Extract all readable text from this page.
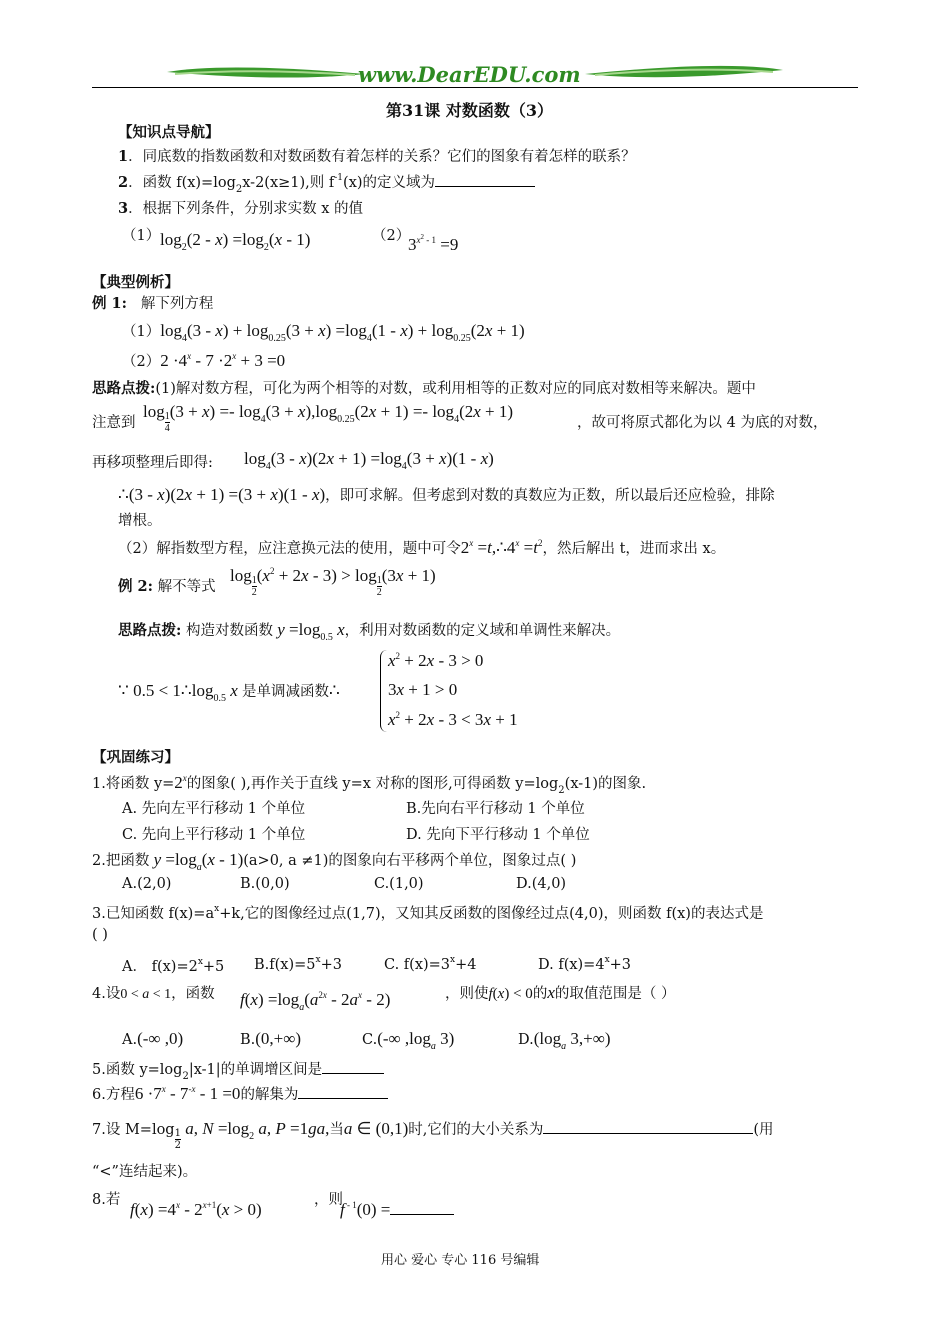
www.DearEDU.com
第31课 对数函数（3）
【知识点导航】
1．同底数的指数函数和对数函数有着怎样的关系？它们的图象有着怎样的联系？
2．函数 $f(x)=\log_2x-2(x\ge 1)$,则 $f^{-1}(x)$的定义域为
3．根据下列条件，分别求实数 x 的值
（1） $\log_2(2 - x) =\log_2(x - 1)$	（2）
$3^{x^2 - 1} =9$
【典型例析】
例 1: 解下列方程
$(1)\log_4(3 - x) + \log_{0.25}(3 + x) =\log_4(1 - x) + \log_{0.25}(2x + 1)$
$(2)2 \cdot 4^x - 7 \cdot 2^x + 3 =0$
思路点拨:(1)解对数方程，可化为两个相等的对数，或利用相等的正数对应的同底对数相等来解决。题中
注意到
$\log \frac{1}{4} (3 + x) =- \log_4(3 + x),\log_{0.25}(2x + 1) =- \log_4(2x + 1)$
，故可将原式都化为以 4 为底的对数，
再移项整理后即得: $\log_4(3 - x)(2x + 1) =\log_4(3 + x)(1 - x)$
∴(3 - x)(2x + 1) =(3 + x)(1 - x)，即可求解。但考虑到对数的真数应为正数，所以最后还应检验，排除
增根。
（2）解指数型方程，应注意换元法的使用，题中可令$2^x$ $=t,\therefore 4^x =t^2$，然后解出 t，进而求出 x。
例 2: 解不等式
$\log \frac{1}{2} (x^2 + 2x - 3) > \log \frac{1}{2} (3x + 1)$
思路点拨: 构造对数函数 $y =\log_{0.5}$ x，利用对数函数的定义域和单调性来解决。
∵ $0.5 < 1\therefore\log_{0.5}$ x 是单调减函数∴
$x^2 + 2x - 3 > 0$
3x + 1 > 0
$x^2 + 2x - 3 < 3x + 1$
【巩固练习】
1.将函数 $y=2^x$的图象( ),再作关于直线 y=x 对称的图形,可得函数 $y=\log_2(x-1)$的图象.
A. 先向左平行移动 1 个单位	B.先向右平行移动 1 个单位
C. 先向上平行移动 1 个单位	D. 先向下平行移动 1 个单位
2.把函数 $y =\log_a(x - 1)(a>0$, a ≠1)的图象向右平移两个单位，图象过点( )
A.(2,0)	B.(0,0)	C.(1,0)	D.(4,0)
3.已知函数 $f(x)=a^x+k$,它的图像经过点(1,7)，又知其反函数的图像经过点(4,0)，则函数 f(x)的表达式是
( )
A． $f(x)=2^x+5$ $B.f(x)=5^x+3$	C. $f(x)=3^x+4$	D. $f(x)=4^x+3$
4.设0 < a < 1，函数 $f(x) =\log_a(a^{2x} - 2a^x - 2)$	，则使f(x) < 0的x的取值范围是（ ）
A.(-∞ ,0)	B.(0,+∞)	C.(-∞ $,\log_a$ 3)	$D.(\log_a$ 3,+∞)
5.函数 $y=\log_2|x-1|$的单调增区间是
6.方程$6 \cdot 7^x - 7^{-x} - 1 =0$的解集为
7.设 $M=\log \frac{1}{2} a$, $N =\log_2$ a, P =1ga,当a ∈ (0,1)时,它们的大小关系为	(用
“<”连结起来)。
8.若 $f(x) =4^x - 2^{x+1}(x > 0)$	，则
f $^{- 1}$(0) =
用心 爱心 专心 116 号编辑
